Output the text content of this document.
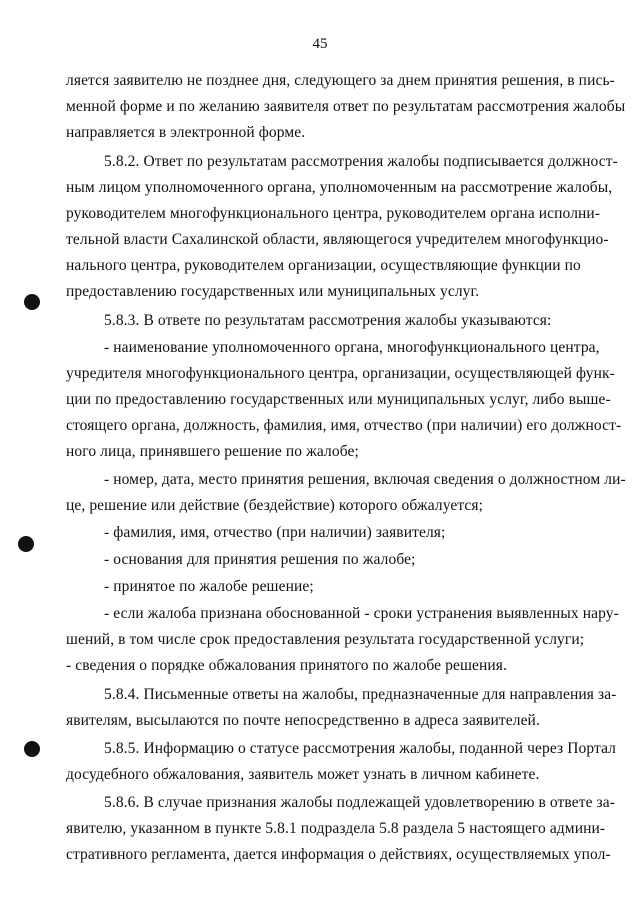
45
ляется заявителю не позднее дня, следующего за днем принятия решения, в пись-
менной форме и по желанию заявителя ответ по результатам рассмотрения жалобы
направляется в электронной форме.
5.8.2. Ответ по результатам рассмотрения жалобы подписывается должност-
ным лицом уполномоченного органа, уполномоченным на рассмотрение жалобы,
руководителем многофункционального центра, руководителем органа исполни-
тельной власти Сахалинской области, являющегося учредителем многофункцио-
нального центра, руководителем организации, осуществляющие функции по
предоставлению государственных или муниципальных услуг.
5.8.3. В ответе по результатам рассмотрения жалобы указываются:
- наименование уполномоченного органа, многофункционального центра,
учредителя многофункционального центра, организации, осуществляющей функ-
ции по предоставлению государственных или муниципальных услуг, либо выше-
стоящего органа, должность, фамилия, имя, отчество (при наличии) его должност-
ного лица, принявшего решение по жалобе;
- номер, дата, место принятия решения, включая сведения о должностном ли-
це, решение или действие (бездействие) которого обжалуется;
- фамилия, имя, отчество (при наличии) заявителя;
- основания для принятия решения по жалобе;
- принятое по жалобе решение;
- если жалоба признана обоснованной - сроки устранения выявленных нару-
шений, в том числе срок предоставления результата государственной услуги;
- сведения о порядке обжалования принятого по жалобе решения.
5.8.4. Письменные ответы на жалобы, предназначенные для направления за-
явителям, высылаются по почте непосредственно в адреса заявителей.
5.8.5. Информацию о статусе рассмотрения жалобы, поданной через Портал
досудебного обжалования, заявитель может узнать в личном кабинете.
5.8.6. В случае признания жалобы подлежащей удовлетворению в ответе за-
явителю, указанном в пункте 5.8.1 подраздела 5.8 раздела 5 настоящего админи-
стративного регламента, дается информация о действиях, осуществляемых упол-
